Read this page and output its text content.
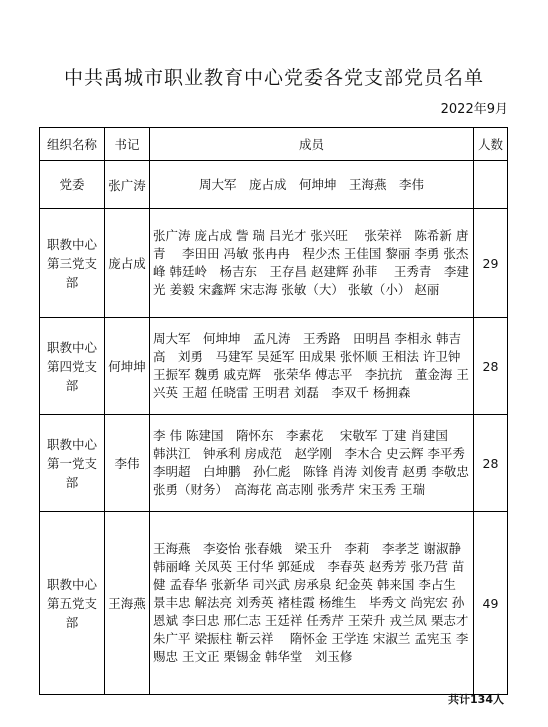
中共禹城市职业教育中心党委各党支部党员名单
2022年9月
组织名称	书记	成员	人数
党委	张广涛	周大军　庞占成　何坤坤　王海燕　李伟	
职教中心第三党支部	庞占成	张广涛 庞占成 訾 瑞 吕光才 张兴旺　 张荣祥　陈希新 唐青　 李田田 冯敏 张冉冉　程少杰 王佳国 黎丽 李勇 张杰峰 韩廷岭　杨吉东　王存昌 赵建辉 孙菲　 王秀青　李建光 姜毅 宋鑫辉 宋志海 张敏（大） 张敏（小） 赵丽	29
职教中心第四党支部	何坤坤	周大军　何坤坤　孟凡涛　王秀路　田明昌 李相永 韩吉高　刘勇　马建军 吴延军 田成果 张怀顺 王相法 许卫钟　王振军 魏勇 戚克辉　张荣华 傅志平　李抗抗　董金海 王兴英 王超 任晓雷 王明君 刘磊　李双千 杨拥森	28
职教中心第一党支部	李伟	李 伟 陈建国　隋怀东　李素花　 宋敬军 丁建 肖建国　韩洪江　钟承利 房成范　赵学刚　李木合 史云辉 李平秀 李明超　白坤鹏　孙仁彪　陈锋 肖涛 刘俊青 赵勇 李敬忠　张勇（财务）　高海花 高志刚 张秀芹 宋玉秀 王瑞	28
职教中心第五党支部	王海燕	王海燕　李姿怡 张春娥　梁玉升　李莉　李孝芝 谢淑静 韩丽峰 关凤英 王付华 郭延成　李春英 赵秀芳 张乃营 苗健 孟春华 张新华 司兴武 房承泉 纪金英 韩来国 李占生 景丰忠 解法亮 刘秀英 褚桂霞 杨维生　毕秀文 尚宪宏 孙恩斌 李曰忠 邢仁志 王廷祥 任秀芹 王荣升 戎兰凤 栗志才 朱广平 梁振柱 靳云祥　 隋怀金 王学连 宋淑兰 孟宪玉 李赐忠 王文正 栗锡金 韩华堂　刘玉修	49
共计134人
